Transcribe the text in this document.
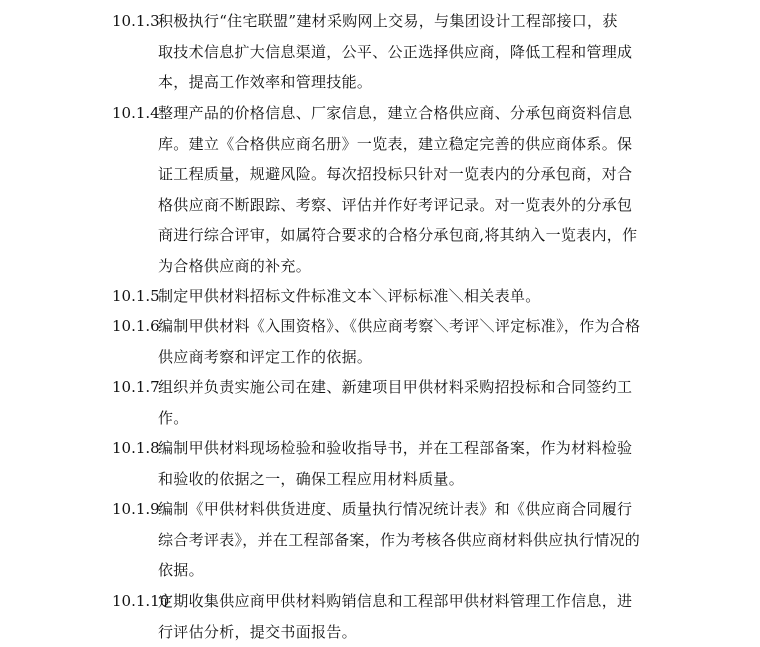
10.1.3
积极执行“住宅联盟”建材采购网上交易，与集团设计工程部接口，获
取技术信息扩大信息渠道，公平、公正选择供应商，降低工程和管理成
本，提高工作效率和管理技能。
10.1.4
整理产品的价格信息、厂家信息，建立合格供应商、分承包商资料信息
库。建立《合格供应商名册》一览表，建立稳定完善的供应商体系。保
证工程质量，规避风险。每次招投标只针对一览表内的分承包商，对合
格供应商不断跟踪、考察、评估并作好考评记录。对一览表外的分承包
商进行综合评审，如属符合要求的合格分承包商,将其纳入一览表内，作
为合格供应商的补充。
10.1.5
制定甲供材料招标文件标准文本＼评标标准＼相关表单。
10.1.6
编制甲供材料《入围资格》、《供应商考察＼考评＼评定标准》，作为合格
供应商考察和评定工作的依据。
10.1.7
组织并负责实施公司在建、新建项目甲供材料采购招投标和合同签约工
作。
10.1.8
编制甲供材料现场检验和验收指导书，并在工程部备案，作为材料检验
和验收的依据之一，确保工程应用材料质量。
10.1.9
编制《甲供材料供货进度、质量执行情况统计表》和《供应商合同履行
综合考评表》，并在工程部备案，作为考核各供应商材料供应执行情况的
依据。
10.1.10
定期收集供应商甲供材料购销信息和工程部甲供材料管理工作信息，进
行评估分析，提交书面报告。
